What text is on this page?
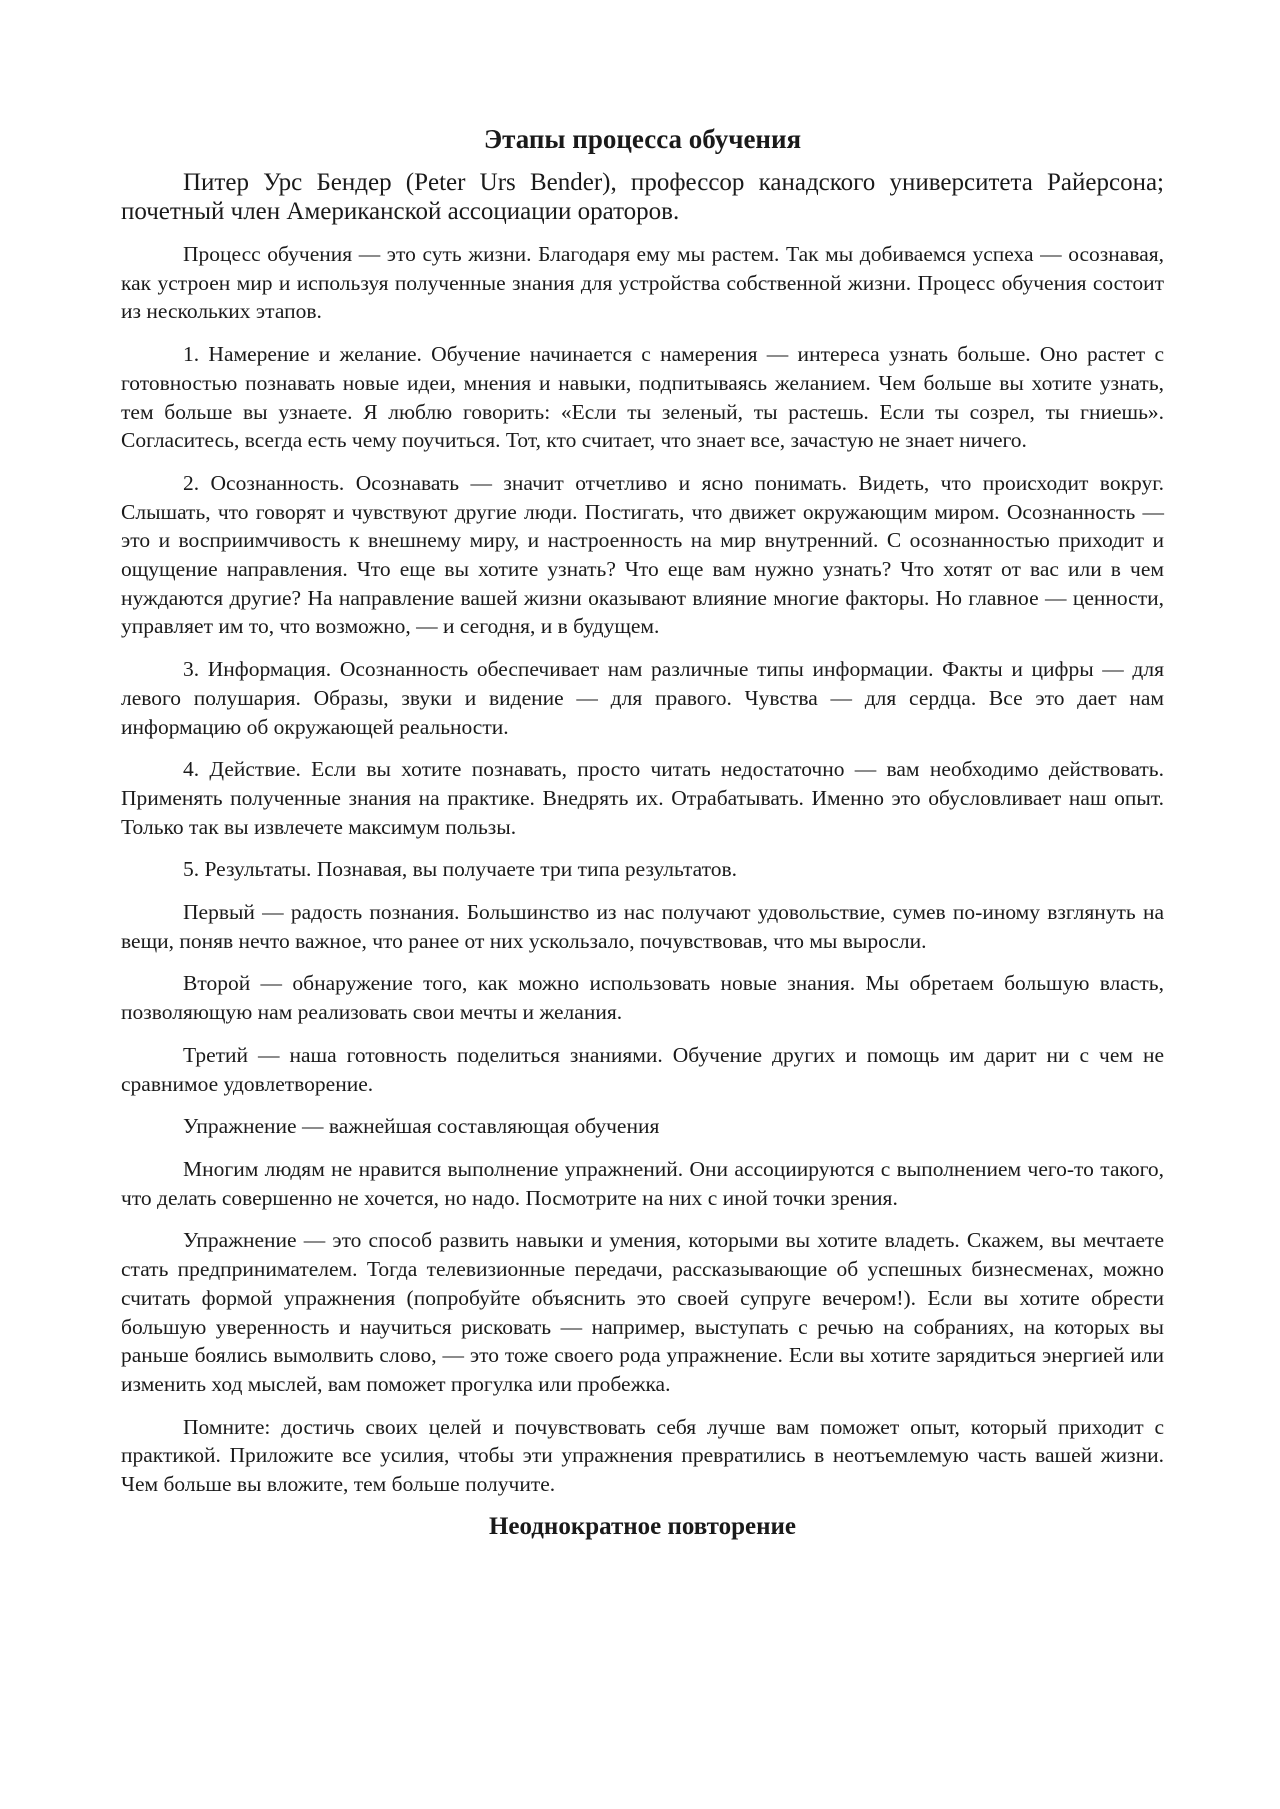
Этапы процесса обучения

Питер Урс Бендер (Peter Urs Bender), профессор канадского университета Райерсона; почетный член Американской ассоциации ораторов.

Процесс обучения — это суть жизни. Благодаря ему мы растем. Так мы добиваемся успеха — осознавая, как устроен мир и используя полученные знания для устройства собственной жизни. Процесс обучения состоит из нескольких этапов.

1. Намерение и желание. Обучение начинается с намерения — интереса узнать больше. Оно растет с готовностью познавать новые идеи, мнения и навыки, подпитываясь желанием. Чем больше вы хотите узнать, тем больше вы узнаете. Я люблю говорить: «Если ты зеленый, ты растешь. Если ты созрел, ты гниешь». Согласитесь, всегда есть чему поучиться. Тот, кто считает, что знает все, зачастую не знает ничего.

2. Осознанность. Осознавать — значит отчетливо и ясно понимать. Видеть, что происходит вокруг. Слышать, что говорят и чувствуют другие люди. Постигать, что движет окружающим миром. Осознанность — это и восприимчивость к внешнему миру, и настроенность на мир внутренний. С осознанностью приходит и ощущение направления. Что еще вы хотите узнать? Что еще вам нужно узнать? Что хотят от вас или в чем нуждаются другие? На направление вашей жизни оказывают влияние многие факторы. Но главное — ценности, управляет им то, что возможно, — и сегодня, и в будущем.

3. Информация. Осознанность обеспечивает нам различные типы информации. Факты и цифры — для левого полушария. Образы, звуки и видение — для правого. Чувства — для сердца. Все это дает нам информацию об окружающей реальности.

4. Действие. Если вы хотите познавать, просто читать недостаточно — вам необходимо действовать. Применять полученные знания на практике. Внедрять их. Отрабатывать. Именно это обусловливает наш опыт. Только так вы извлечете максимум пользы.

5. Результаты. Познавая, вы получаете три типа результатов.

Первый — радость познания. Большинство из нас получают удовольствие, сумев по-иному взглянуть на вещи, поняв нечто важное, что ранее от них ускользало, почувствовав, что мы выросли.

Второй — обнаружение того, как можно использовать новые знания. Мы обретаем большую власть, позволяющую нам реализовать свои мечты и желания.

Третий — наша готовность поделиться знаниями. Обучение других и помощь им дарит ни с чем не сравнимое удовлетворение.

Упражнение — важнейшая составляющая обучения

Многим людям не нравится выполнение упражнений. Они ассоциируются с выполнением чего-то такого, что делать совершенно не хочется, но надо. Посмотрите на них с иной точки зрения.

Упражнение — это способ развить навыки и умения, которыми вы хотите владеть. Скажем, вы мечтаете стать предпринимателем. Тогда телевизионные передачи, рассказывающие об успешных бизнесменах, можно считать формой упражнения (попробуйте объяснить это своей супруге вечером!). Если вы хотите обрести большую уверенность и научиться рисковать — например, выступать с речью на собраниях, на которых вы раньше боялись вымолвить слово, — это тоже своего рода упражнение. Если вы хотите зарядиться энергией или изменить ход мыслей, вам поможет прогулка или пробежка.

Помните: достичь своих целей и почувствовать себя лучше вам поможет опыт, который приходит с практикой. Приложите все усилия, чтобы эти упражнения превратились в неотъемлемую часть вашей жизни. Чем больше вы вложите, тем больше получите.

Неоднократное повторение
